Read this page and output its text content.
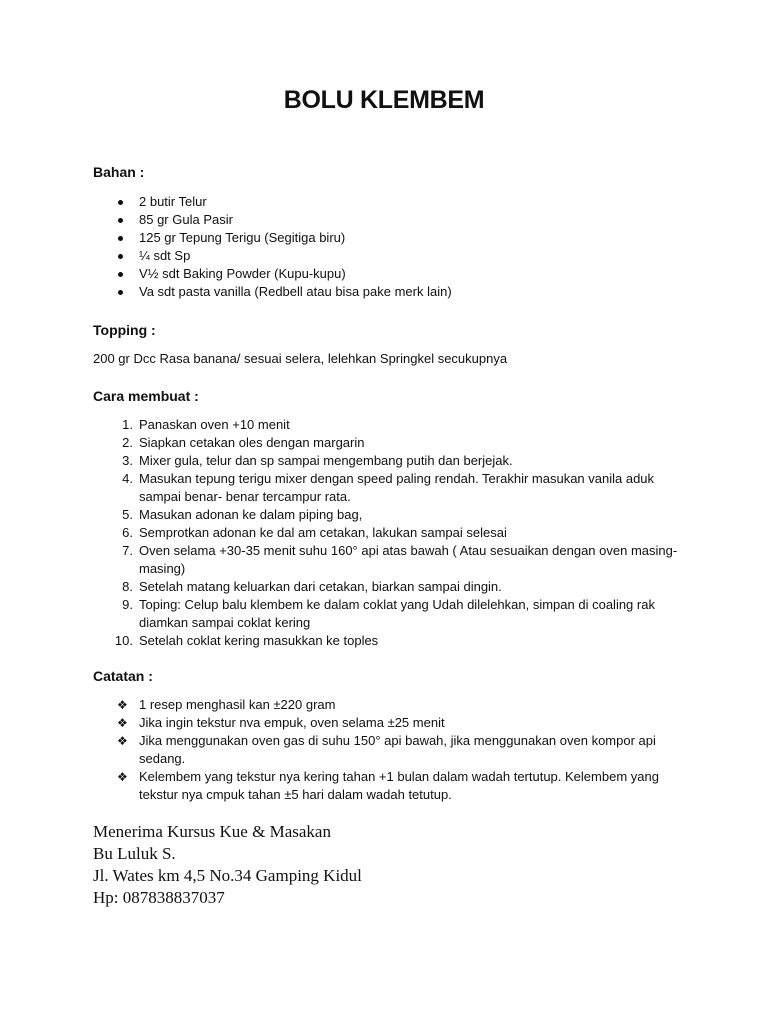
BOLU KLEMBEM

Bahan :

2 butir Telur
85 gr Gula Pasir
125 gr Tepung Terigu (Segitiga biru)
¼ sdt Sp
V½ sdt Baking Powder (Kupu-kupu)
Va sdt pasta vanilla (Redbell atau bisa pake merk lain)

Topping :

200 gr Dcc Rasa banana/ sesuai selera, lelehkan Springkel secukupnya

Cara membuat :

1. Panaskan oven +10 menit
2. Siapkan cetakan oles dengan margarin
3. Mixer gula, telur dan sp sampai mengembang putih dan berjejak.
4. Masukan tepung terigu mixer dengan speed paling rendah. Terakhir masukan vanila aduk sampai benar- benar tercampur rata.
5. Masukan adonan ke dalam piping bag,
6. Semprotkan adonan ke dal am cetakan, lakukan sampai selesai
7. Oven selama +30-35 menit suhu 160° api atas bawah ( Atau sesuaikan dengan oven masing-masing)
8. Setelah matang keluarkan dari cetakan, biarkan sampai dingin.
9. Toping: Celup balu klembem ke dalam coklat yang Udah dilelehkan, simpan di coaling rak diamkan sampai coklat kering
10. Setelah coklat kering masukkan ke toples

Catatan :

❖ 1 resep menghasil kan ±220 gram
❖ Jika ingin tekstur nva empuk, oven selama ±25 menit
❖ Jika menggunakan oven gas di suhu 150° api bawah, jika menggunakan oven kompor api sedang.
❖ Kelembem yang tekstur nya kering tahan +1 bulan dalam wadah tertutup. Kelembem yang tekstur nya cmpuk tahan ±5 hari dalam wadah tetutup.
Menerima Kursus Kue & Masakan
Bu Luluk S.
Jl. Wates km 4,5 No.34 Gamping Kidul
Hp: 087838837037
